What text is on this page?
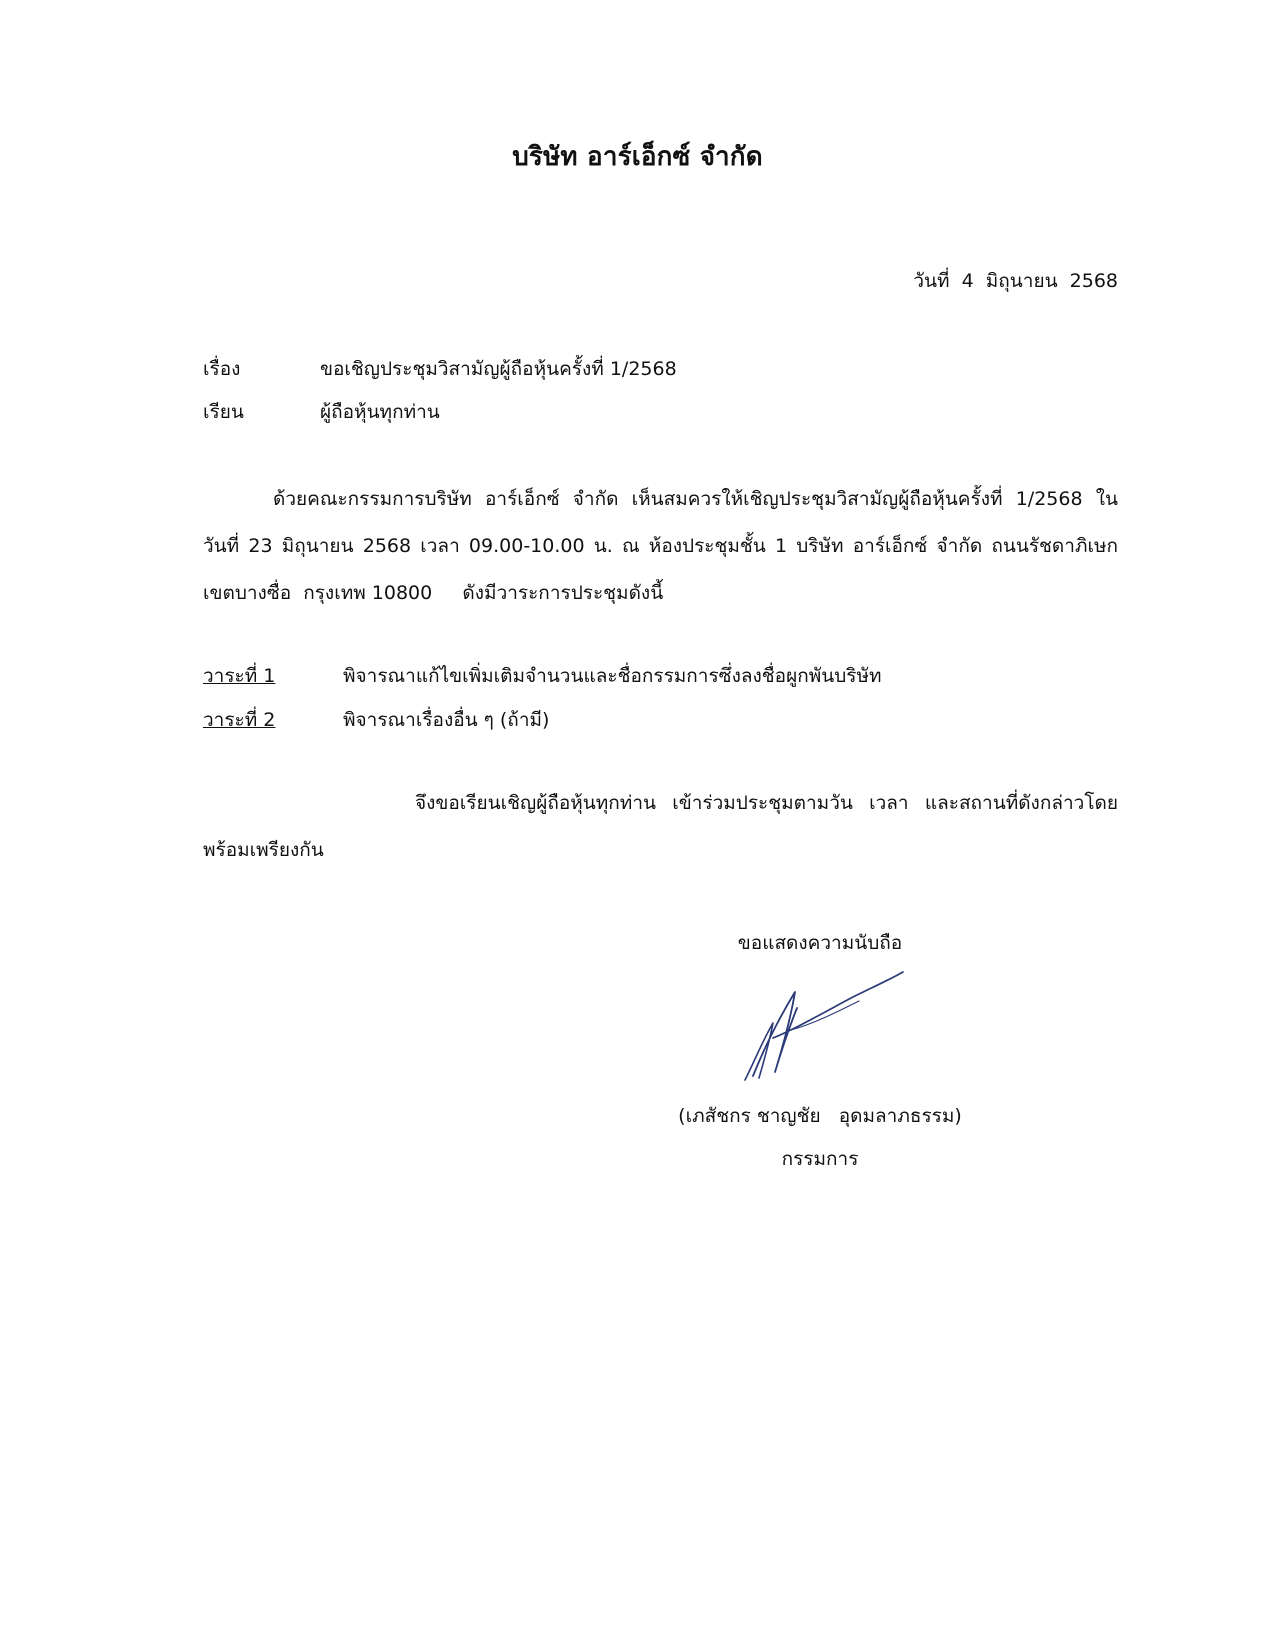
บริษัท อาร์เอ็กซ์ จำกัด
วันที่  4  มิถุนายน  2568

เรื่อง

	ขอเชิญประชุมวิสามัญผู้ถือหุ้นครั้งที่ 1/2568

เรียน

	ผู้ถือหุ้นทุกท่าน

ด้วยคณะกรรมการบริษัท อาร์เอ็กซ์ จำกัด เห็นสมควรให้เชิญประชุมวิสามัญผู้ถือหุ้นครั้งที่ 1/2568 ใน
วันที่ 23 มิถุนายน 2568 เวลา 09.00-10.00 น. ณ ห้องประชุมชั้น 1 บริษัท อาร์เอ็กซ์ จำกัด ถนนรัชดาภิเษก
เขตบางซื่อ  กรุงเทพ 10800     ดังมีวาระการประชุมดังนี้

วาระที่ 1

	พิจารณาแก้ไขเพิ่มเติมจำนวนและชื่อกรรมการซึ่งลงชื่อผูกพันบริษัท

วาระที่ 2

	พิจารณาเรื่องอื่น ๆ (ถ้ามี)

จึงขอเรียนเชิญผู้ถือหุ้นทุกท่าน เข้าร่วมประชุมตามวัน เวลา และสถานที่ดังกล่าวโดย
พร้อมเพรียงกัน
ขอแสดงความนับถือ
(เภสัชกร ชาญชัย   อุดมลาภธรรม)
กรรมการ
